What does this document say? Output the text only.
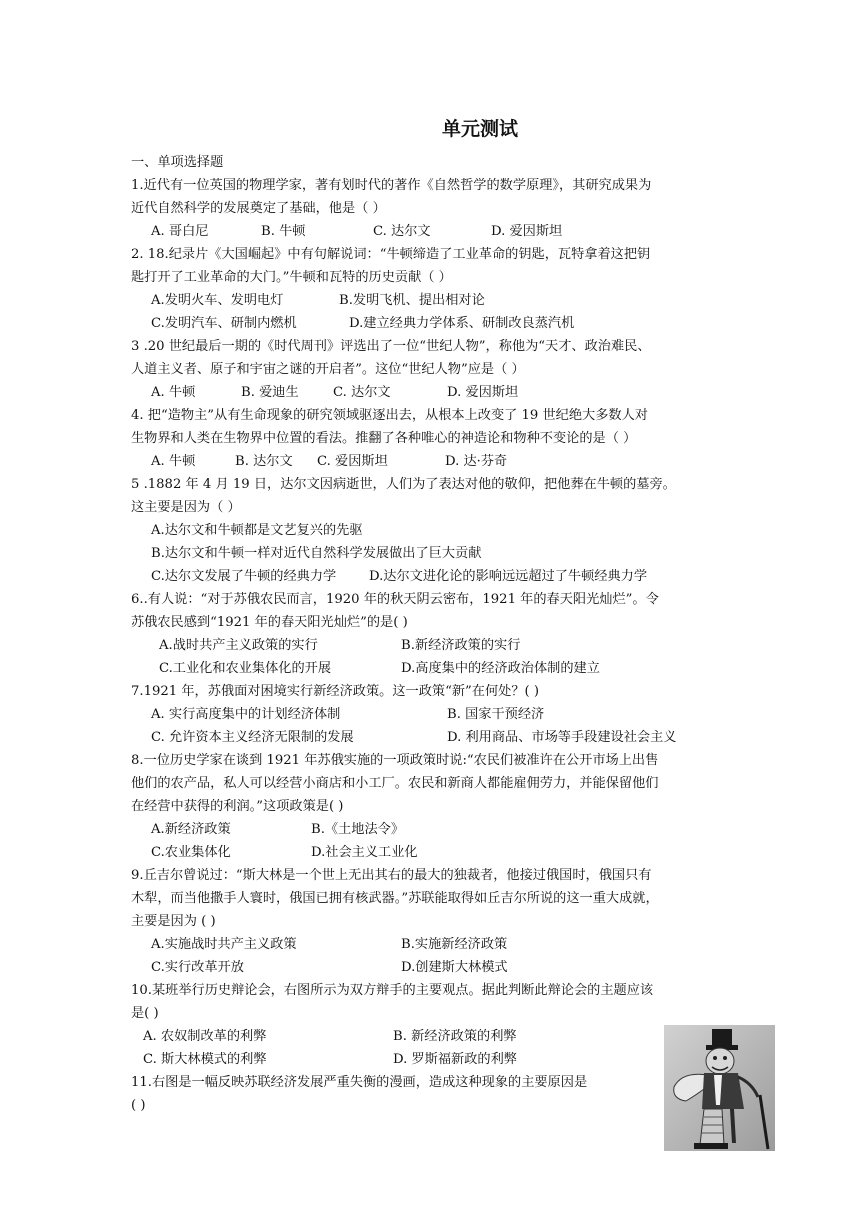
单元测试
一、单项选择题
1.近代有一位英国的物理学家，著有划时代的著作《自然哲学的数学原理》，其研究成果为
近代自然科学的发展奠定了基础，他是（ ）
A. 哥白尼	B. 牛顿	C. 达尔文	D. 爱因斯坦
2. 18.纪录片《大国崛起》中有句解说词：“牛顿缔造了工业革命的钥匙，瓦特拿着这把钥
匙打开了工业革命的大门。”牛顿和瓦特的历史贡献（ ）
A.发明火车、发明电灯	B.发明飞机、提出相对论
C.发明汽车、研制内燃机	D.建立经典力学体系、研制改良蒸汽机
3 .20 世纪最后一期的《时代周刊》评选出了一位“世纪人物”，称他为“天才、政治难民、
人道主义者、原子和宇宙之谜的开启者”。这位“世纪人物”应是（ ）
A. 牛顿	B. 爱迪生	C. 达尔文	D. 爱因斯坦
4. 把“造物主”从有生命现象的研究领域驱逐出去，从根本上改变了 19 世纪绝大多数人对
生物界和人类在生物界中位置的看法。推翻了各种唯心的神造论和物种不变论的是（ ）
A. 牛顿	B. 达尔文	C. 爱因斯坦	D. 达·芬奇
5 .1882 年 4 月 19 日，达尔文因病逝世，人们为了表达对他的敬仰，把他葬在牛顿的墓旁。
这主要是因为（ ）
A.达尔文和牛顿都是文艺复兴的先驱
B.达尔文和牛顿一样对近代自然科学发展做出了巨大贡献
C.达尔文发展了牛顿的经典力学	D.达尔文进化论的影响远远超过了牛顿经典力学
6..有人说：“对于苏俄农民而言，1920 年的秋天阴云密布，1921 年的春天阳光灿烂”。令
苏俄农民感到“1921 年的春天阳光灿烂”的是( )
A.战时共产主义政策的实行	B.新经济政策的实行
C.工业化和农业集体化的开展	D.高度集中的经济政治体制的建立
7.1921 年，苏俄面对困境实行新经济政策。这一政策“新”在何处？( )
A. 实行高度集中的计划经济体制	B. 国家干预经济
C. 允许资本主义经济无限制的发展	D. 利用商品、市场等手段建设社会主义
8.一位历史学家在谈到 1921 年苏俄实施的一项政策时说:“农民们被准许在公开市场上出售
他们的农产品，私人可以经营小商店和小工厂。农民和新商人都能雇佣劳力，并能保留他们
在经营中获得的利润。”这项政策是( )
A.新经济政策	B.《土地法令》
C.农业集体化	D.社会主义工业化
9.丘吉尔曾说过：“斯大林是一个世上无出其右的最大的独裁者，他接过俄国时，俄国只有
木犁，而当他撒手人寰时，俄国已拥有核武器。”苏联能取得如丘吉尔所说的这一重大成就，
主要是因为 ( )
A.实施战时共产主义政策	B.实施新经济政策
C.实行改革开放	D.创建斯大林模式
10.某班举行历史辩论会，右图所示为双方辩手的主要观点。据此判断此辩论会的主题应该
是( )
A. 农奴制改革的利弊	B. 新经济政策的利弊
C. 斯大林模式的利弊	D. 罗斯福新政的利弊
11.右图是一幅反映苏联经济发展严重失衡的漫画，造成这种现象的主要原因是
( )
